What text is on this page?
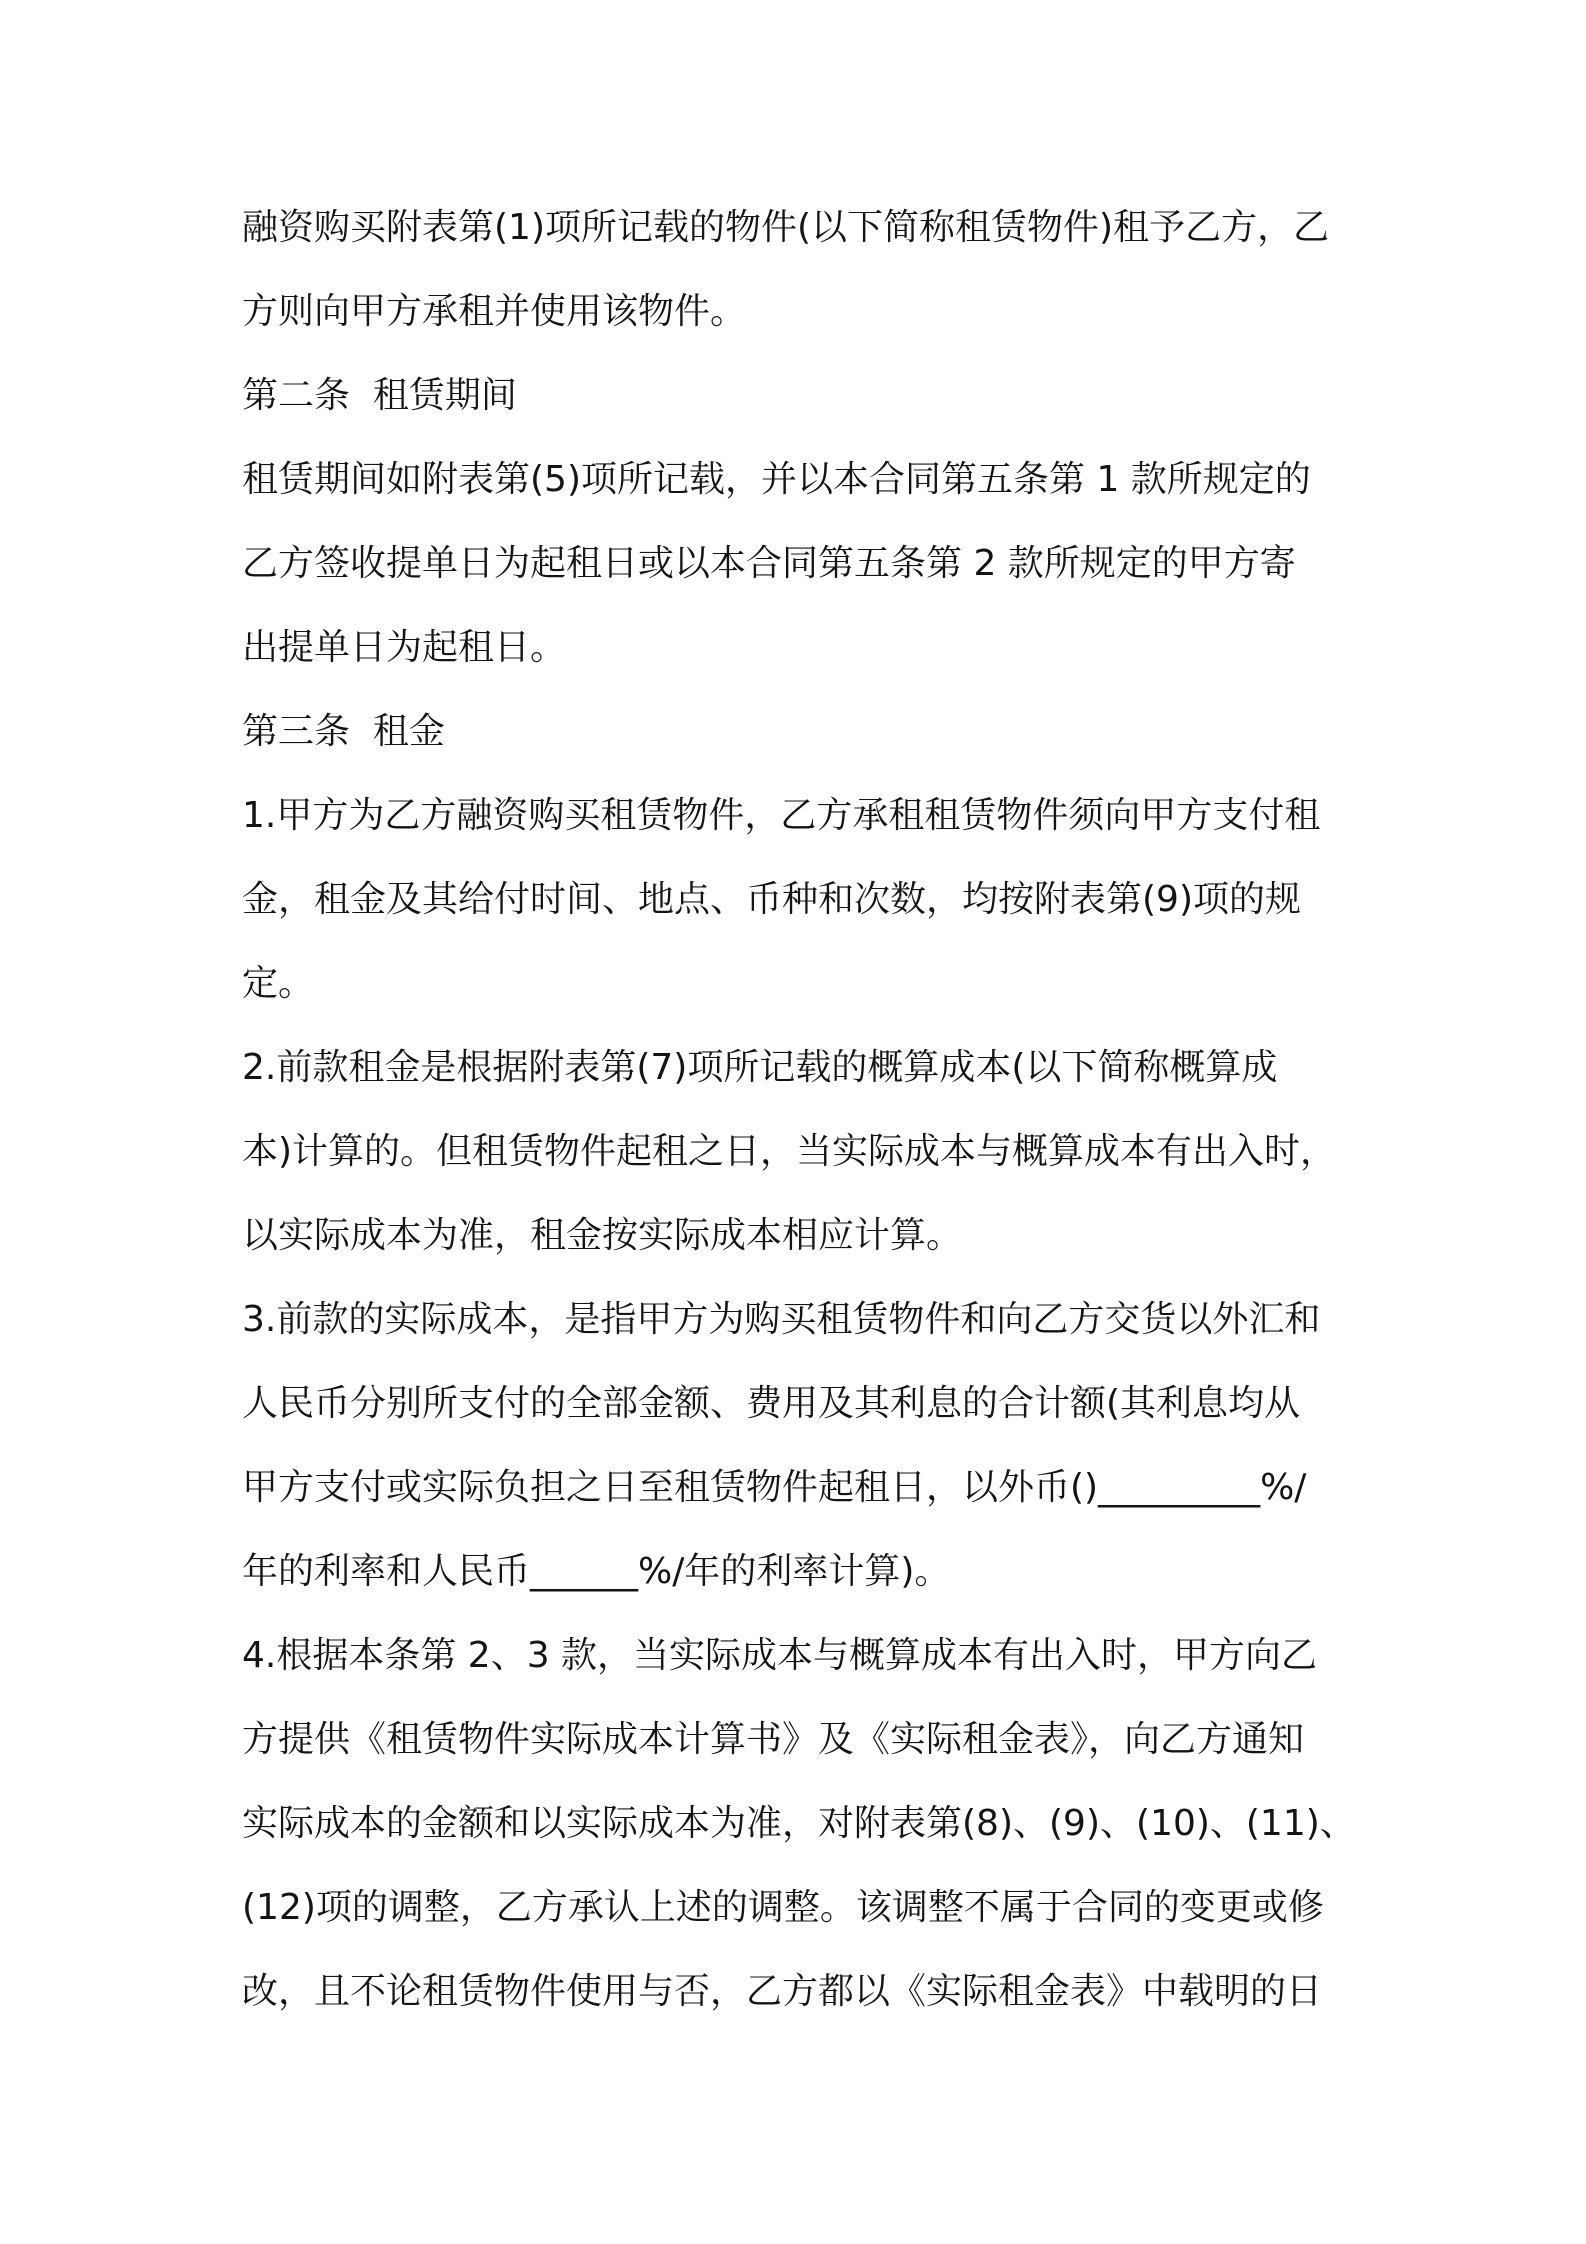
融资购买附表第(1)项所记载的物件(以下简称租赁物件)租予乙方，乙
方则向甲方承租并使用该物件。
第二条  租赁期间
租赁期间如附表第(5)项所记载，并以本合同第五条第 1 款所规定的
乙方签收提单日为起租日或以本合同第五条第 2 款所规定的甲方寄
出提单日为起租日。
第三条  租金
1.甲方为乙方融资购买租赁物件，乙方承租租赁物件须向甲方支付租
金，租金及其给付时间、地点、币种和次数，均按附表第(9)项的规
定。
2.前款租金是根据附表第(7)项所记载的概算成本(以下简称概算成
本)计算的。但租赁物件起租之日，当实际成本与概算成本有出入时，
以实际成本为准，租金按实际成本相应计算。
3.前款的实际成本，是指甲方为购买租赁物件和向乙方交货以外汇和
人民币分别所支付的全部金额、费用及其利息的合计额(其利息均从
甲方支付或实际负担之日至租赁物件起租日，以外币()_________%/
年的利率和人民币______%/年的利率计算)。
4.根据本条第 2、3 款，当实际成本与概算成本有出入时，甲方向乙
方提供《租赁物件实际成本计算书》及《实际租金表》，向乙方通知
实际成本的金额和以实际成本为准，对附表第(8)、(9)、(10)、(11)、
(12)项的调整，乙方承认上述的调整。该调整不属于合同的变更或修
改，且不论租赁物件使用与否，乙方都以《实际租金表》中载明的日
